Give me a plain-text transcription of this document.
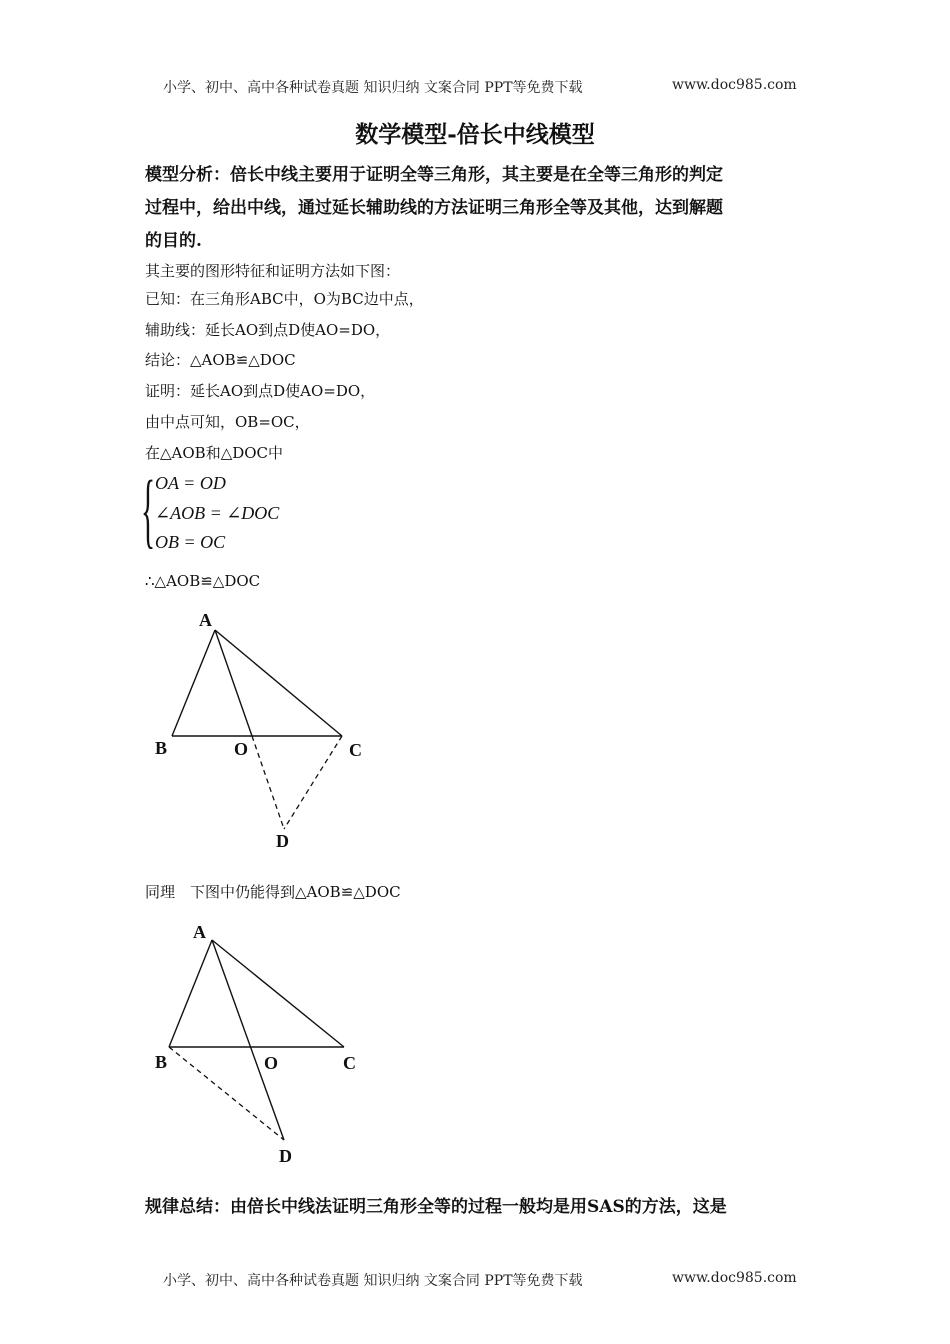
小学、初中、高中各种试卷真题 知识归纳 文案合同 PPT等免费下载	www.doc985.com
数学模型-倍长中线模型
模型分析：倍长中线主要用于证明全等三角形，其主要是在全等三角形的判定
过程中，给出中线，通过延长辅助线的方法证明三角形全等及其他，达到解题
的目的.
其主要的图形特征和证明方法如下图：
已知：在三角形ABC中，O为BC边中点，
辅助线：延长AO到点D使AO=DO，
结论：△AOB≌△DOC
证明：延长AO到点D使AO=DO，
由中点可知，OB=OC，
在△AOB和△DOC中
{ OA = OD
∠AOB = ∠DOC
OB = OC
∴△AOB≌△DOC
A
B	O	C
D
同理　下图中仍能得到△AOB≌△DOC
A
B	O	C
D
规律总结：由倍长中线法证明三角形全等的过程一般均是用SAS的方法，这是
小学、初中、高中各种试卷真题 知识归纳 文案合同 PPT等免费下载	www.doc985.com
